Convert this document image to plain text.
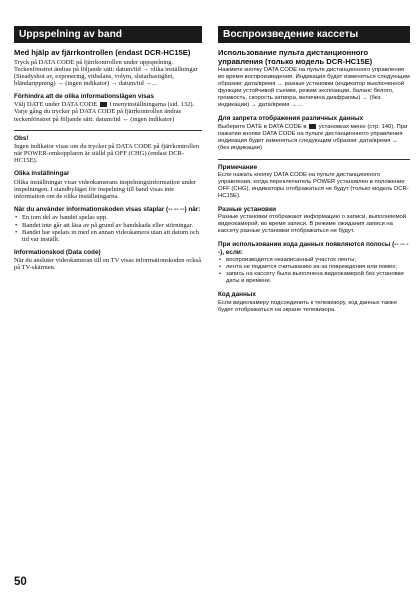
Uppspelning av band
Med hjälp av fjärrkontrollen (endast DCR-HC15E)

Tryck på DATA CODE på fjärrkontrollen under uppspelning. Teckenfönstret ändras på följande sätt: datum/tid → olika inställningar (Steadyshot av, exponering, vitbalans, volym, slutarhastighet, bländarippning) → (ingen indikator) → datum/tid →...

Förhindra att de olika informationslägen visas

Välj DATE under DATA CODE i menyinställningarna (sid. 132). Varje gång du trycker på DATA CODE på fjärrkontrollen ändras teckenfönstret på följande sätt: datum/tid ↔ (ingen indikator)

Obs!

Ingen indikator visas om du trycker på DATA CODE på fjärrkontrollen när POWER-omkopplaren är ställd på OFF (CHG) (endast DCR-HC15E).

Olika inställningar

Olika inställningar visar videokamerans inspelningsinformation under inspelningen. I standbyläget för inspelning till band visas inte information om de olika inställningarna.

När du använder informationskoden visas staplar (-- -- --) när:
• En tom del av bandet spelas upp.
• Bandet inte går att läsa av på grund av bandskada eller störningar.
• Bandet har spelats in med en annan videokamera utan att datum och tid var inställt.
Informationskod (Data code)

När du ansluter videokameran till en TV visas informationskoden också på TV-skärmen.

Воспроизведение кассеты
Использование пульта дистанционного управления (только модель DCR-HC15E)

Нажмите кнопку DATA CODE на пульте дистанционного управления во время воспроизведения. Индикация будет изменяться следующим образом: дата/время → разные установки (индикатор выключенной функции устойчивой съемки, режим экспозиции, баланс белого, громкость, скорость затвора, величина диафрагмы) → (без индикации) → дата/время →...

Для запрета отображения различных данных

Выберите DATE в DATA CODE в установках меню (стр. 140). При нажатии кнопки DATA CODE на пульте дистанционного управления индикация будет изменяться следующим образом: дата/время ↔ (без индикации)

Примечание

Если нажать кнопку DATA CODE на пульте дистанционного управления, когда переключатель POWER установлен в положение OFF (CHG), индикаторы отображаться не будут (только модель DCR-HC15E).

Разные установки

Разные установки отображают информацию о записи, выполняемой видеокамерой, во время записи. В режиме ожидания записи на кассету разные установки отображаться не будут.

При использовании кода данных появляются полосы (-- -- --), если:
• воспроизводится незаписанный участок ленты;
• лента не подается считыванию из-за повреждения или помех;
• запись на кассету была выполнена видеокамерой без установки даты и времени.
Код данных

Если видеокамеру подсоединить к телевизору, код данных также будет отображаться на экране телевизора.

50
